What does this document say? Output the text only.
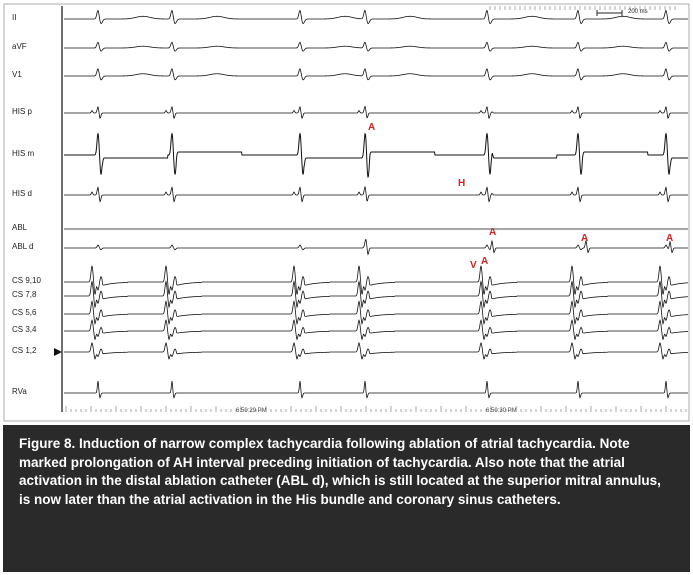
II
aVF
V1
HIS p
HIS m
HIS d
ABL
ABL d
CS 9,10
CS 7,8
CS 5,6
CS 3,4
CS 1,2
RVa
200 ms
6:50:29 PM	6:50:30 PM
A
H
A
A	A
V A

Figure 8. Induction of narrow complex tachycardia following ablation of atrial tachycardia. Note marked prolongation of AH interval preceding initiation of tachycardia. Also note that the atrial activation in the distal ablation catheter (ABL d), which is still located at the superior mitral annulus, is now later than the atrial activation in the His bundle and coronary sinus catheters.
